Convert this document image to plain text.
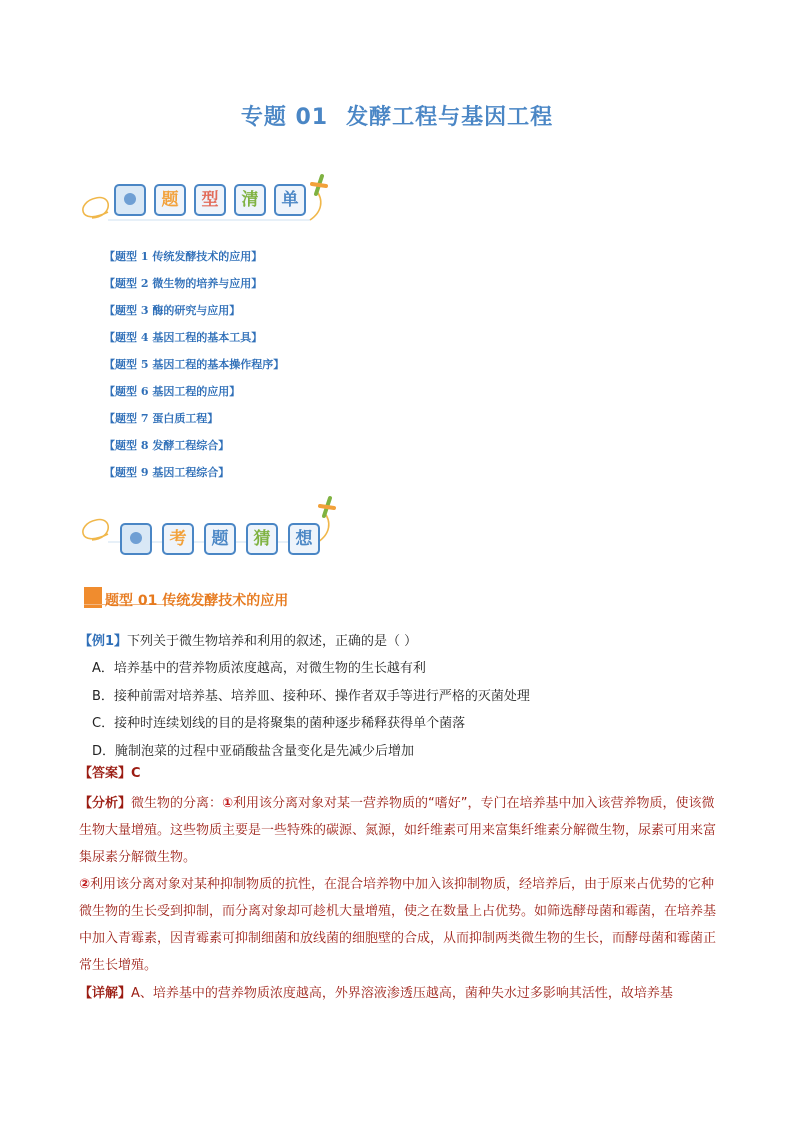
专题 01 发酵工程与基因工程
题	型	清	单
【题型 1 传统发酵技术的应用】
【题型 2 微生物的培养与应用】
【题型 3 酶的研究与应用】
【题型 4 基因工程的基本工具】
【题型 5 基因工程的基本操作程序】
【题型 6 基因工程的应用】
【题型 7 蛋白质工程】
【题型 8 发酵工程综合】
【题型 9 基因工程综合】
考	题	猜	想
题型 01 传统发酵技术的应用
【例1】下列关于微生物培养和利用的叙述，正确的是（ ）
A．培养基中的营养物质浓度越高，对微生物的生长越有利
B．接种前需对培养基、培养皿、接种环、操作者双手等进行严格的灭菌处理
C．接种时连续划线的目的是将聚集的菌种逐步稀释获得单个菌落
D．腌制泡菜的过程中亚硝酸盐含量变化是先减少后增加
【答案】C
【分析】微生物的分离：①利用该分离对象对某一营养物质的“嗜好”，专门在培养基中加入该营养物质，使该微生物大量增殖。这些物质主要是一些特殊的碳源、氮源，如纤维素可用来富集纤维素分解微生物，尿素可用来富集尿素分解微生物。
②利用该分离对象对某种抑制物质的抗性，在混合培养物中加入该抑制物质，经培养后，由于原来占优势的它种微生物的生长受到抑制，而分离对象却可趁机大量增殖，使之在数量上占优势。如筛选酵母菌和霉菌，在培养基中加入青霉素，因青霉素可抑制细菌和放线菌的细胞壁的合成，从而抑制两类微生物的生长，而酵母菌和霉菌正常生长增殖。
【详解】A、培养基中的营养物质浓度越高，外界溶液渗透压越高，菌种失水过多影响其活性，故培养基
